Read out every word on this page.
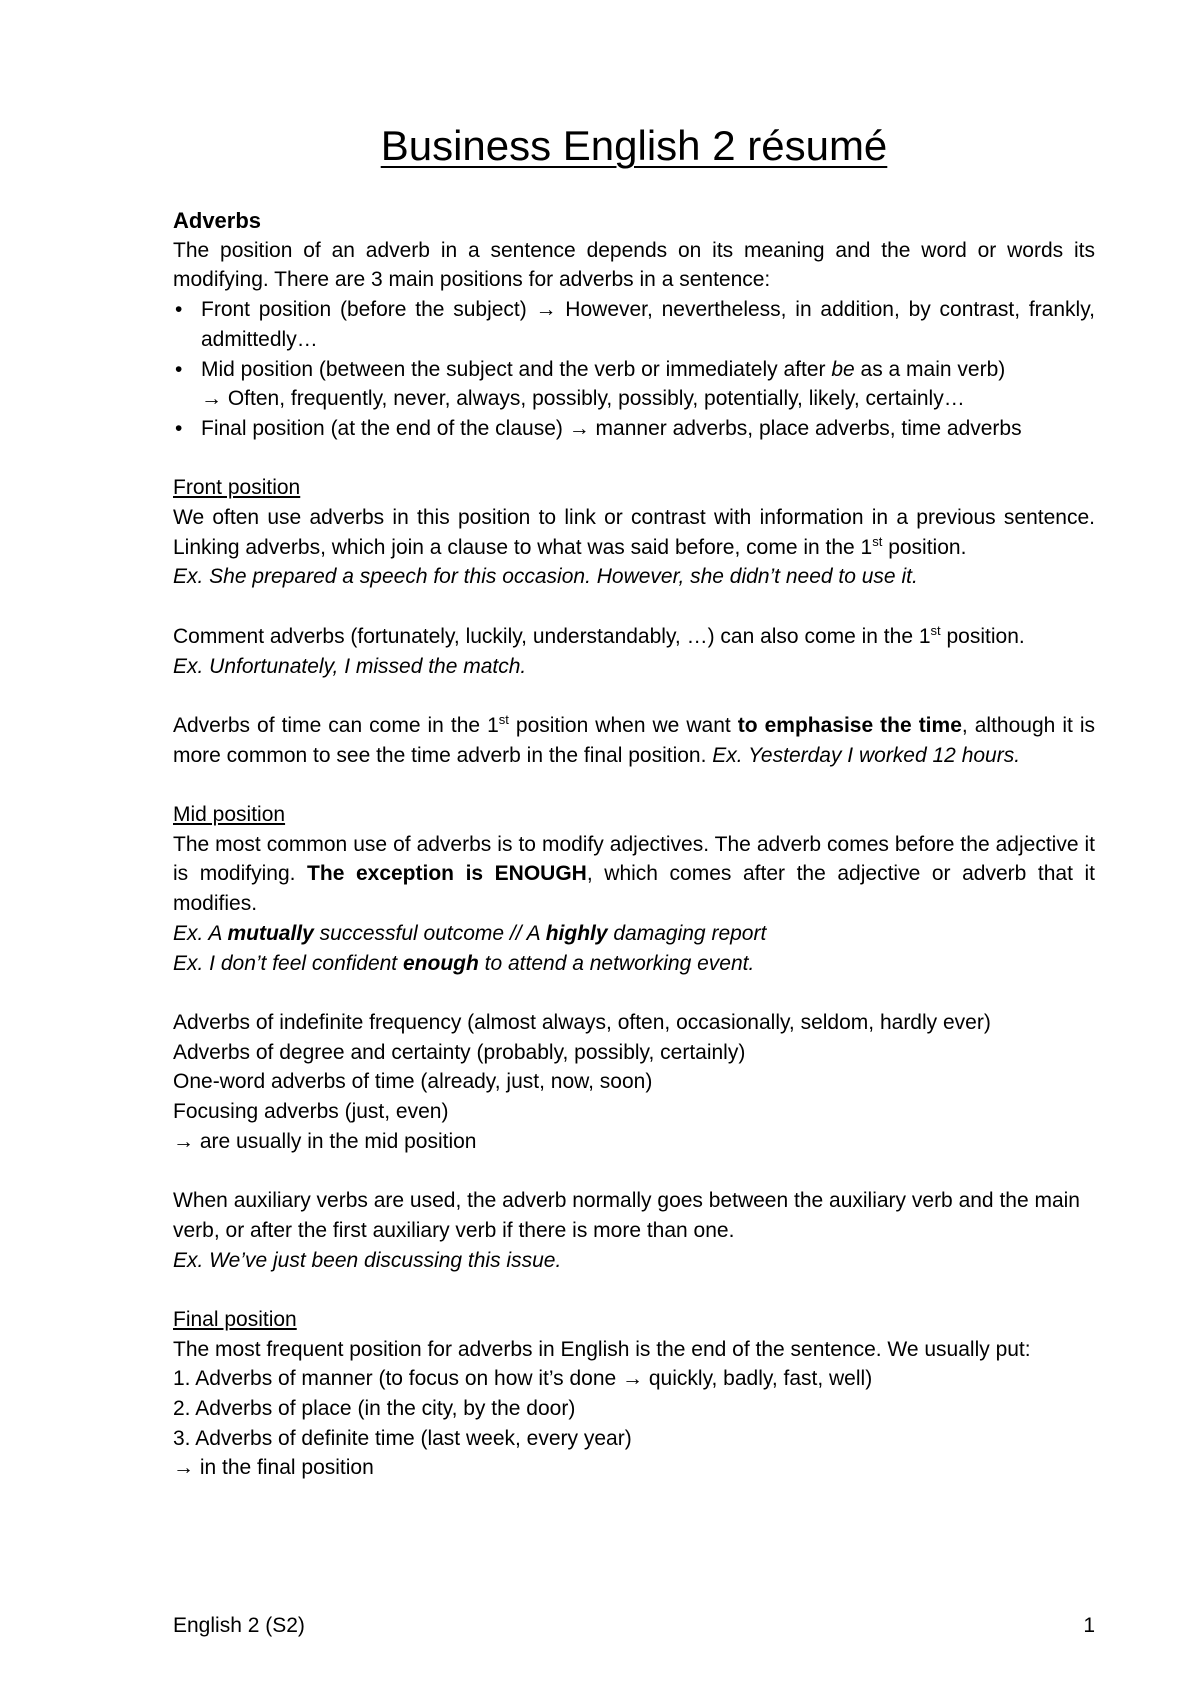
Business English 2 résumé

Adverbs

The position of an adverb in a sentence depends on its meaning and the word or words its modifying. There are 3 main positions for adverbs in a sentence:

• Front position (before the subject) → However, nevertheless, in addition, by contrast, frankly, admittedly…
• Mid position (between the subject and the verb or immediately after be as a main verb)
→ Often, frequently, never, always, possibly, possibly, potentially, likely, certainly…
• Final position (at the end of the clause) → manner adverbs, place adverbs, time adverbs

Front position

We often use adverbs in this position to link or contrast with information in a previous sentence. Linking adverbs, which join a clause to what was said before, come in the 1st position.

Ex. She prepared a speech for this occasion. However, she didn’t need to use it.

Comment adverbs (fortunately, luckily, understandably, …) can also come in the 1st position.

Ex. Unfortunately, I missed the match.

Adverbs of time can come in the 1st position when we want to emphasise the time, although it is more common to see the time adverb in the final position. Ex. Yesterday I worked 12 hours.

Mid position

The most common use of adverbs is to modify adjectives. The adverb comes before the adjective it is modifying. The exception is ENOUGH, which comes after the adjective or adverb that it modifies.

Ex. A mutually successful outcome // A highly damaging report

Ex. I don’t feel confident enough to attend a networking event.

Adverbs of indefinite frequency (almost always, often, occasionally, seldom, hardly ever)

Adverbs of degree and certainty (probably, possibly, certainly)

One-word adverbs of time (already, just, now, soon)

Focusing adverbs (just, even)

→ are usually in the mid position

When auxiliary verbs are used, the adverb normally goes between the auxiliary verb and the main verb, or after the first auxiliary verb if there is more than one.

Ex. We’ve just been discussing this issue.

Final position

The most frequent position for adverbs in English is the end of the sentence. We usually put:

1. Adverbs of manner (to focus on how it’s done → quickly, badly, fast, well)

2. Adverbs of place (in the city, by the door)

3. Adverbs of definite time (last week, every year)

→ in the final position

English 2 (S2)	1
